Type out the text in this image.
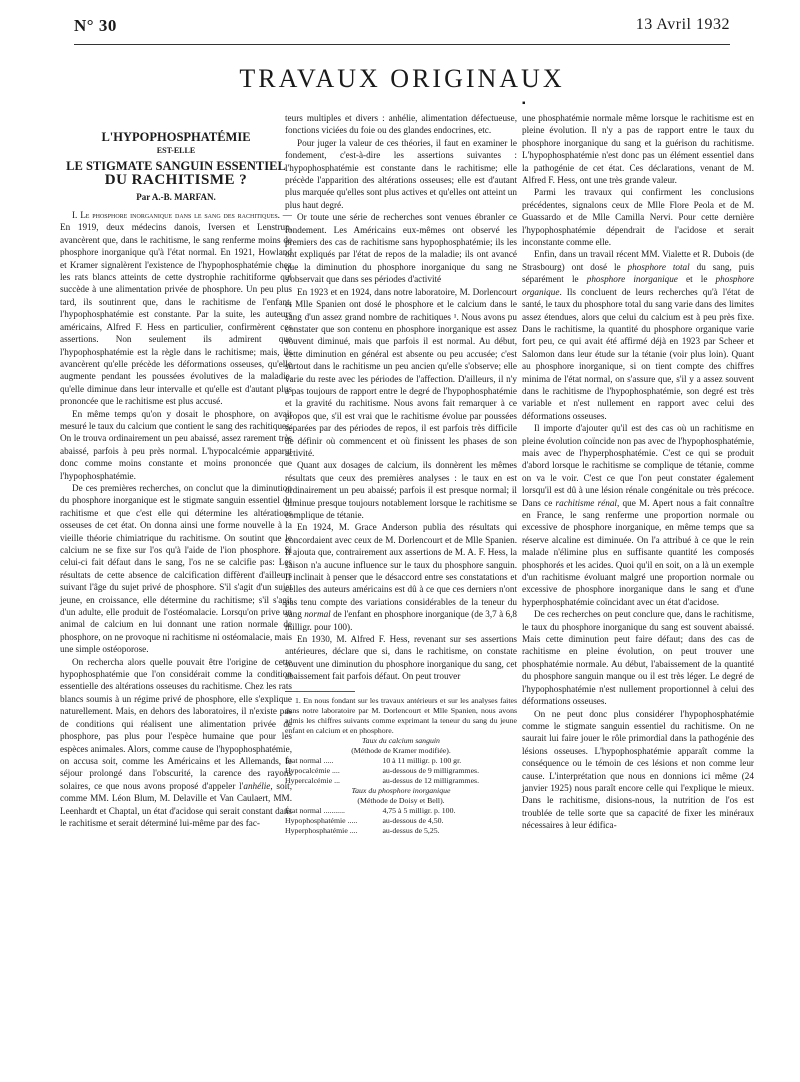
N° 30	13 Avril 1932
TRAVAUX ORIGINAUX
▪
L'HYPOPHOSPHATÉMIE
EST-ELLE
LE STIGMATE SANGUIN ESSENTIEL
DU RACHITISME ?
Par A.-B. MARFAN.

I. Le phosphore inorganique dans le sang des rachitiques. — En 1919, deux médecins danois, Iversen et Lenstrup, avancèrent que, dans le rachitisme, le sang renferme moins de phosphore inorganique qu'à l'état normal. En 1921, Howland et Kramer signalèrent l'existence de l'hypophosphatémie chez les rats blancs atteints de cette dystrophie rachitiforme qui succède à une alimentation privée de phosphore. Un peu plus tard, ils soutinrent que, dans le rachitisme de l'enfant, l'hypophosphatémie est constante. Par la suite, les auteurs américains, Alfred F. Hess en particulier, confirmèrent ces assertions. Non seulement ils admirent que l'hypophosphatémie est la règle dans le rachitisme; mais, ils avancèrent qu'elle précède les déformations osseuses, qu'elle augmente pendant les poussées évolutives de la maladie, qu'elle diminue dans leur intervalle et qu'elle est d'autant plus prononcée que le rachitisme est plus accusé.

En même temps qu'on y dosait le phosphore, on avait mesuré le taux du calcium que contient le sang des rachitiques. On le trouva ordinairement un peu abaissé, assez rarement très abaissé, parfois à peu près normal. L'hypocalcémie apparut donc comme moins constante et moins prononcée que l'hypophosphatémie.

De ces premières recherches, on conclut que la diminution du phosphore inorganique est le stigmate sanguin essentiel du rachitisme et que c'est elle qui détermine les altérations osseuses de cet état. On donna ainsi une forme nouvelle à la vieille théorie chimiatrique du rachitisme. On soutint que le calcium ne se fixe sur l'os qu'à l'aide de l'ion phosphore. Si celui-ci fait défaut dans le sang, l'os ne se calcifie pas: Les résultats de cette absence de calcification diffèrent d'ailleurs suivant l'âge du sujet privé de phosphore. S'il s'agit d'un sujet jeune, en croissance, elle détermine du rachitisme; s'il s'agit d'un adulte, elle produit de l'ostéomalacie. Lorsqu'on prive un animal de calcium en lui donnant une ration normale de phosphore, on ne provoque ni rachitisme ni ostéomalacie, mais une simple ostéoporose.

On rechercha alors quelle pouvait être l'origine de cette hypophosphatémie que l'on considérait comme la condition essentielle des altérations osseuses du rachitisme. Chez les rats blancs soumis à un régime privé de phosphore, elle s'explique naturellement. Mais, en dehors des laboratoires, il n'existe pas de conditions qui réalisent une alimentation privée de phosphore, pas plus pour l'espèce humaine que pour les espèces animales. Alors, comme cause de l'hypophosphatémie, on accusa soit, comme les Américains et les Allemands, le séjour prolongé dans l'obscurité, la carence des rayons solaires, ce que nous avons proposé d'appeler l'anhélie, soit, comme MM. Léon Blum, M. Delaville et Van Caulaert, MM. Leenhardt et Chaptal, un état d'acidose qui serait constant dans le rachitisme et serait déterminé lui-même par des fac-

teurs multiples et divers : anhélie, alimentation défectueuse, fonctions viciées du foie ou des glandes endocrines, etc.

Pour juger la valeur de ces théories, il faut en examiner le fondement, c'est-à-dire les assertions suivantes : l'hypophosphatémie est constante dans le rachitisme; elle précède l'apparition des altérations osseuses; elle est d'autant plus marquée qu'elles sont plus actives et qu'elles ont atteint un plus haut degré.

Or toute une série de recherches sont venues ébranler ce fondement. Les Américains eux-mêmes ont observé les premiers des cas de rachitisme sans hypophosphatémie; ils les ont expliqués par l'état de repos de la maladie; ils ont avancé que la diminution du phosphore inorganique du sang ne s'observait que dans ses périodes d'activité

En 1923 et en 1924, dans notre laboratoire, M. Dorlencourt et Mlle Spanien ont dosé le phosphore et le calcium dans le sang d'un assez grand nombre de rachitiques ¹. Nous avons pu constater que son contenu en phosphore inorganique est assez souvent diminué, mais que parfois il est normal. Au début, cette diminution en général est absente ou peu accusée; c'est surtout dans le rachitisme un peu ancien qu'elle s'observe; elle varie du reste avec les périodes de l'affection. D'ailleurs, il n'y a pas toujours de rapport entre le degré de l'hypophosphatémie et la gravité du rachitisme. Nous avons fait remarquer à ce propos que, s'il est vrai que le rachitisme évolue par poussées séparées par des périodes de repos, il est parfois très difficile de définir où commencent et où finissent les phases de son activité.

Quant aux dosages de calcium, ils donnèrent les mêmes résultats que ceux des premières analyses : le taux en est ordinairement un peu abaissé; parfois il est presque normal; il diminue presque toujours notablement lorsque le rachitisme se complique de tétanie.

En 1924, M. Grace Anderson publia des résultats qui concordaient avec ceux de M. Dorlencourt et de Mlle Spanien. Il ajouta que, contrairement aux assertions de M. A. F. Hess, la saison n'a aucune influence sur le taux du phosphore sanguin. Il inclinait à penser que le désaccord entre ses constatations et celles des auteurs américains est dû à ce que ces derniers n'ont pas tenu compte des variations considérables de la teneur du sang normal de l'enfant en phosphore inorganique (de 3,7 à 6,8 milligr. pour 100).

En 1930, M. Alfred F. Hess, revenant sur ses assertions antérieures, déclare que si, dans le rachitisme, on constate souvent une diminution du phosphore inorganique du sang, cet abaissement fait parfois défaut. On peut trouver

1. En nous fondant sur les travaux antérieurs et sur les analyses faites dans notre laboratoire par M. Dorlencourt et Mlle Spanien, nous avons admis les chiffres suivants comme exprimant la teneur du sang du jeune enfant en calcium et en phosphore.

Taux du calcium sanguin

(Méthode de Kramer modifiée).

État normal .....	10 à 11 milligr. p. 100 gr.
Hypocalcémie ....	au-dessous de 9 milligrammes.
Hypercalcémie ...	au-dessus de 12 milligrammes.

Taux du phosphore inorganique

(Méthode de Doisy et Bell).

État normal ...........	4,75 à 5 milligr. p. 100.
Hypophosphatémie .....	au-dessous de 4,50.
Hyperphosphatémie ....	au-dessus de 5,25.

une phosphatémie normale même lorsque le rachitisme est en pleine évolution. Il n'y a pas de rapport entre le taux du phosphore inorganique du sang et la guérison du rachitisme. L'hypophosphatémie n'est donc pas un élément essentiel dans la pathogénie de cet état. Ces déclarations, venant de M. Alfred F. Hess, ont une très grande valeur.

Parmi les travaux qui confirment les conclusions précédentes, signalons ceux de Mlle Flore Peola et de M. Guassardo et de Mlle Camilla Nervi. Pour cette dernière l'hypophosphatémie dépendrait de l'acidose et serait inconstante comme elle.

Enfin, dans un travail récent MM. Vialette et R. Dubois (de Strasbourg) ont dosé le phosphore total du sang, puis séparément le phosphore inorganique et le phosphore organique. Ils concluent de leurs recherches qu'à l'état de santé, le taux du phosphore total du sang varie dans des limites assez étendues, alors que celui du calcium est à peu près fixe. Dans le rachitisme, la quantité du phosphore organique varie fort peu, ce qui avait été affirmé déjà en 1923 par Scheer et Salomon dans leur étude sur la tétanie (voir plus loin). Quant au phosphore inorganique, si on tient compte des chiffres minima de l'état normal, on s'assure que, s'il y a assez souvent dans le rachitisme de l'hypophosphatémie, son degré est très variable et n'est nullement en rapport avec celui des déformations osseuses.

Il importe d'ajouter qu'il est des cas où un rachitisme en pleine évolution coïncide non pas avec de l'hypophosphatémie, mais avec de l'hyperphosphatémie. C'est ce qui se produit d'abord lorsque le rachitisme se complique de tétanie, comme on va le voir. C'est ce que l'on peut constater également lorsqu'il est dû à une lésion rénale congénitale ou très précoce. Dans ce rachitisme rénal, que M. Apert nous a fait connaître en France, le sang renferme une proportion normale ou excessive de phosphore inorganique, en même temps que sa réserve alcaline est diminuée. On l'a attribué à ce que le rein malade n'élimine plus en suffisante quantité les composés phosphorés et les acides. Quoi qu'il en soit, on a là un exemple d'un rachitisme évoluant malgré une proportion normale ou excessive de phosphore inorganique dans le sang et d'une hyperphosphatémie coïncidant avec un état d'acidose.

De ces recherches on peut conclure que, dans le rachitisme, le taux du phosphore inorganique du sang est souvent abaissé. Mais cette diminution peut faire défaut; dans des cas de rachitisme en pleine évolution, on peut trouver une phosphatémie normale. Au début, l'abaissement de la quantité du phosphore sanguin manque ou il est très léger. Le degré de l'hypophosphatémie n'est nullement proportionnel à celui des déformations osseuses.

On ne peut donc plus considérer l'hypophosphatémie comme le stigmate sanguin essentiel du rachitisme. On ne saurait lui faire jouer le rôle primordial dans la pathogénie des lésions osseuses. L'hypophosphatémie apparaît comme la conséquence ou le témoin de ces lésions et non comme leur cause. L'interprétation que nous en donnions ici même (24 janvier 1925) nous paraît encore celle qui l'explique le mieux. Dans le rachitisme, disions-nous, la nutrition de l'os est troublée de telle sorte que sa capacité de fixer les minéraux nécessaires à leur édifica-
